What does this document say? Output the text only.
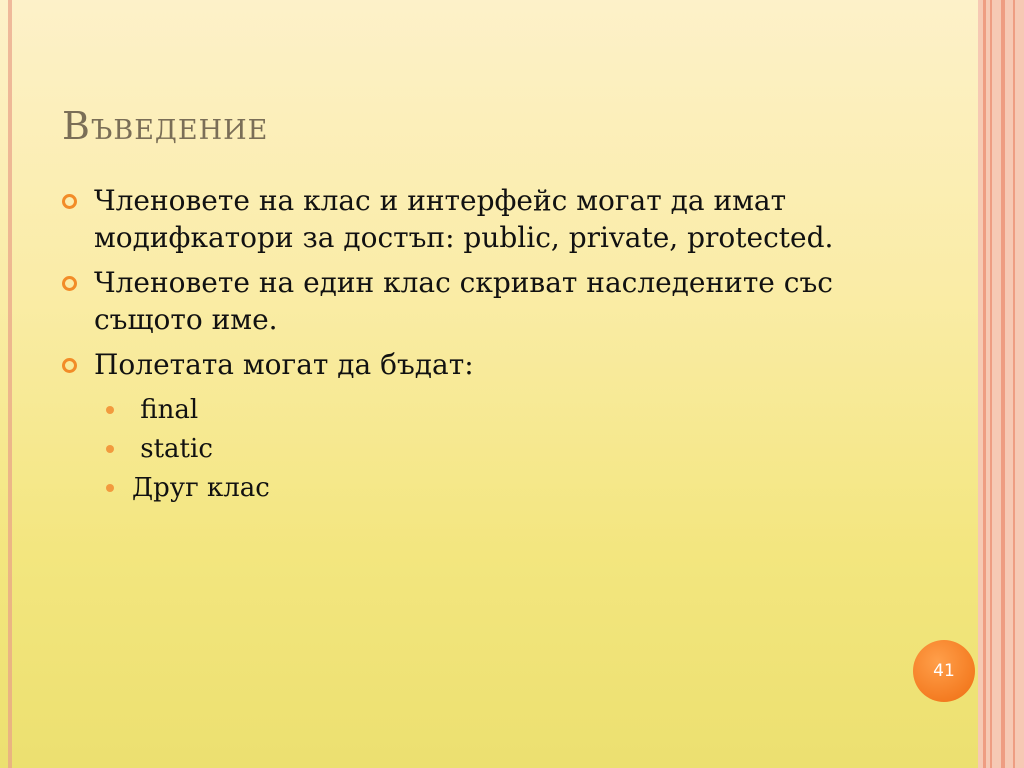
Въведение
Членовете на клас и интерфейс могат да имат модифкатори за достъп: public, private, protected.
Членовете на един клас скриват наследените със същото име.
Полетата могат да бъдат:
final
static
Друг клас
41
